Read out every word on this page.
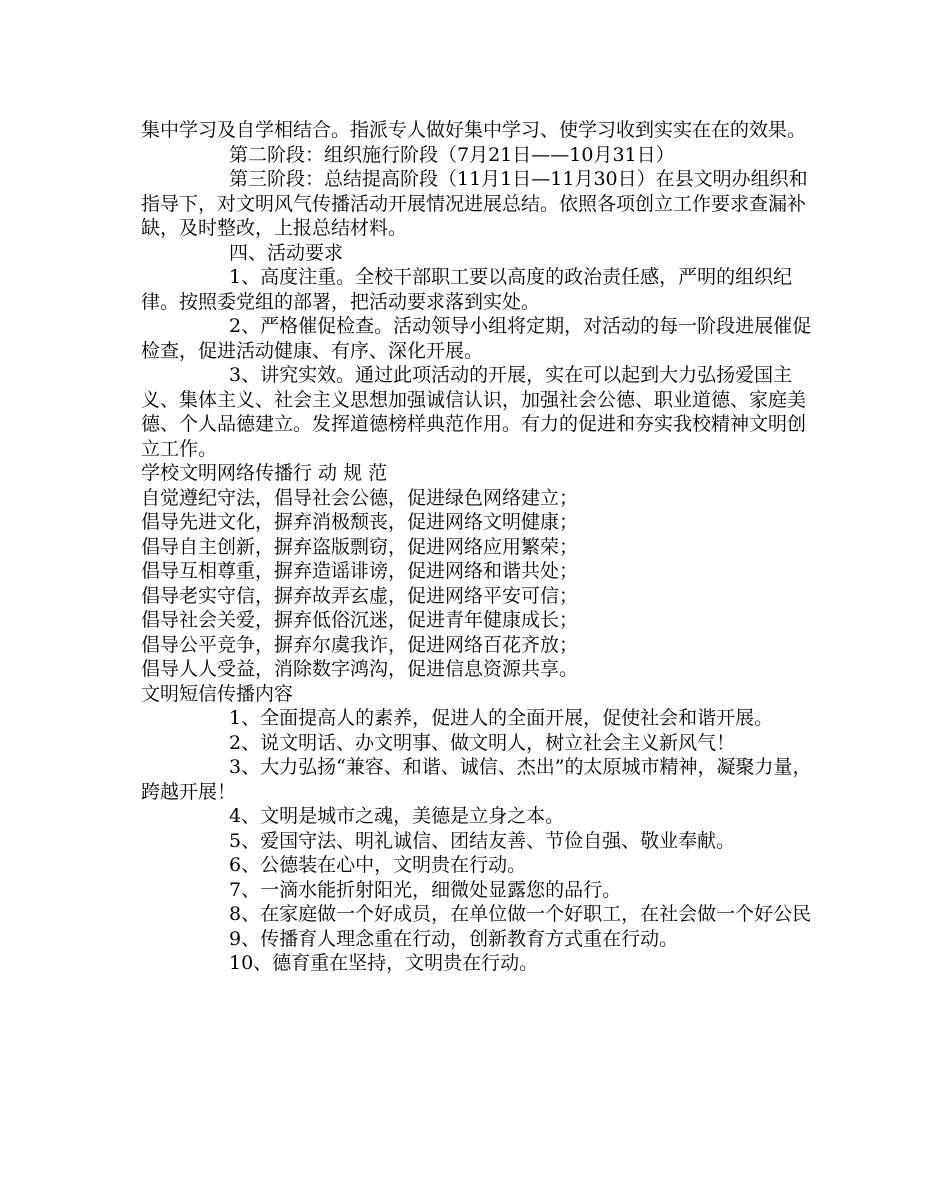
集中学习及自学相结合。指派专人做好集中学习、使学习收到实实在在的效果。

第二阶段：组织施行阶段（7月21日——10月31日）

第三阶段：总结提高阶段（11月1日—11月30日）在县文明办组织和指导下，对文明风气传播活动开展情况进展总结。依照各项创立工作要求查漏补缺，及时整改，上报总结材料。

四、活动要求

1、高度注重。全校干部职工要以高度的政治责任感，严明的组织纪律。按照委党组的部署，把活动要求落到实处。

2、严格催促检查。活动领导小组将定期，对活动的每一阶段进展催促检查，促进活动健康、有序、深化开展。

3、讲究实效。通过此项活动的开展，实在可以起到大力弘扬爱国主义、集体主义、社会主义思想加强诚信认识，加强社会公德、职业道德、家庭美德、个人品德建立。发挥道德榜样典范作用。有力的促进和夯实我校精神文明创立工作。

学校文明网络传播行 动 规 范

自觉遵纪守法，倡导社会公德，促进绿色网络建立；

倡导先进文化，摒弃消极颓丧，促进网络文明健康；

倡导自主创新，摒弃盗版剽窃，促进网络应用繁荣；

倡导互相尊重，摒弃造谣诽谤，促进网络和谐共处；

倡导老实守信，摒弃故弄玄虚，促进网络平安可信；

倡导社会关爱，摒弃低俗沉迷，促进青年健康成长；

倡导公平竞争，摒弃尔虞我诈，促进网络百花齐放；

倡导人人受益，消除数字鸿沟，促进信息资源共享。

文明短信传播内容

1、全面提高人的素养，促进人的全面开展，促使社会和谐开展。

2、说文明话、办文明事、做文明人，树立社会主义新风气！

3、大力弘扬“兼容、和谐、诚信、杰出”的太原城市精神，凝聚力量，跨越开展！

4、文明是城市之魂，美德是立身之本。

5、爱国守法、明礼诚信、团结友善、节俭自强、敬业奉献。

6、公德装在心中，文明贵在行动。

7、一滴水能折射阳光，细微处显露您的品行。

8、在家庭做一个好成员，在单位做一个好职工，在社会做一个好公民

9、传播育人理念重在行动，创新教育方式重在行动。

10、德育重在坚持，文明贵在行动。
